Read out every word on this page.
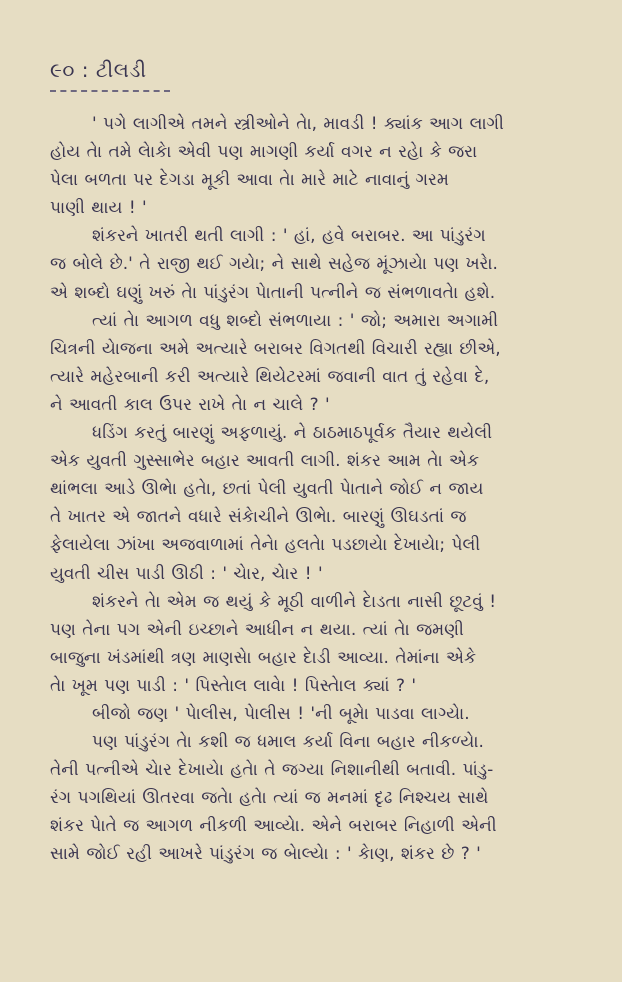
૯૦ : ટીલડી
' પગે લાગીએ તમને સ્ત્રીઓને તેા, માવડી ! ક્યાંક આગ લાગી
હોય તેા તમે લેાકેા એવી પણ માગણી કર્યા વગર ન રહેા કે જરા
પેલા બળતા પર દેગડા મૂકી આવા તેા મારે માટે નાવાનું ગરમ
પાણી થાય ! '
શંકરને ખાતરી થતી લાગી : ' હાં, હવે બરાબર. આ પાંડુરંગ
જ બોલે છે.' તે રાજી થઈ ગયેા; ને સાથે સહેજ મૂંઝાયેા પણ ખરેા.
એ શબ્દો ઘણું ખરું તેા પાંડુરંગ પેાતાની પત્નીને જ સંભળાવતેા હશે.
ત્યાં તેા આગળ વધુ શબ્દો સંભળાયા : ' જો; અમારા અગામી
ચિત્રની યેાજના અમે અત્યારે બરાબર વિગતથી વિચારી રહ્યા છીએ,
ત્યારે મહેરબાની કરી અત્યારે થિયેટરમાં જવાની વાત તું રહેવા દે,
ને આવતી કાલ ઉપર રાખે તેા ન ચાલે ? '
ધડિંગ કરતું બારણું અફળાયું. ને ઠાઠમાઠપૂર્વક તૈયાર થયેલી
એક યુવતી ગુસ્સાભેર બહાર આવતી લાગી. શંકર આમ તેા એક
થાંભલા આડે ઊભેા હતેા, છતાં પેલી યુવતી પેાતાને જોઈ ન જાય
તે ખાતર એ જાતને વધારે સંકેાચીને ઊભેા. બારણું ઊઘડતાં જ
ફેલાયેલા ઝાંખા અજવાળામાં તેનેા હલતેા પડછાયેા દેખાયેા; પેલી
યુવતી ચીસ પાડી ઊઠી : ' ચેાર, ચેાર ! '
શંકરને તેા એમ જ થયું કે મૂઠી વાળીને દેાડતા નાસી છૂટવું !
પણ તેના પગ એની ઇચ્છાને આધીન ન થયા. ત્યાં તેા જમણી
બાજુના ખંડમાંથી ત્રણ માણસેા બહાર દેાડી આવ્યા. તેમાંના એકે
તેા ખૂમ પણ પાડી : ' પિસ્તેાલ લાવેા ! પિસ્તેાલ ક્યાં ? '
બીજો જણ ' પેાલીસ, પેાલીસ ! 'ની બૂમેા પાડવા લાગ્યેા.
પણ પાંડુરંગ તેા કશી જ ધમાલ કર્યા વિના બહાર નીકળ્યેા.
તેની પત્નીએ ચેાર દેખાયેા હતેા તે જગ્યા નિશાનીથી બતાવી. પાંડુ-
રંગ પગથિયાં ઊતરવા જતેા હતેા ત્યાં જ મનમાં દૃઢ નિશ્ચય સાથે
શંકર પેાતે જ આગળ નીકળી આવ્યેા. એને બરાબર નિહાળી એની
સામે જોઈ રહી આખરે પાંડુરંગ જ બેાલ્યેા : ' કેાણ, શંકર છે ? '
